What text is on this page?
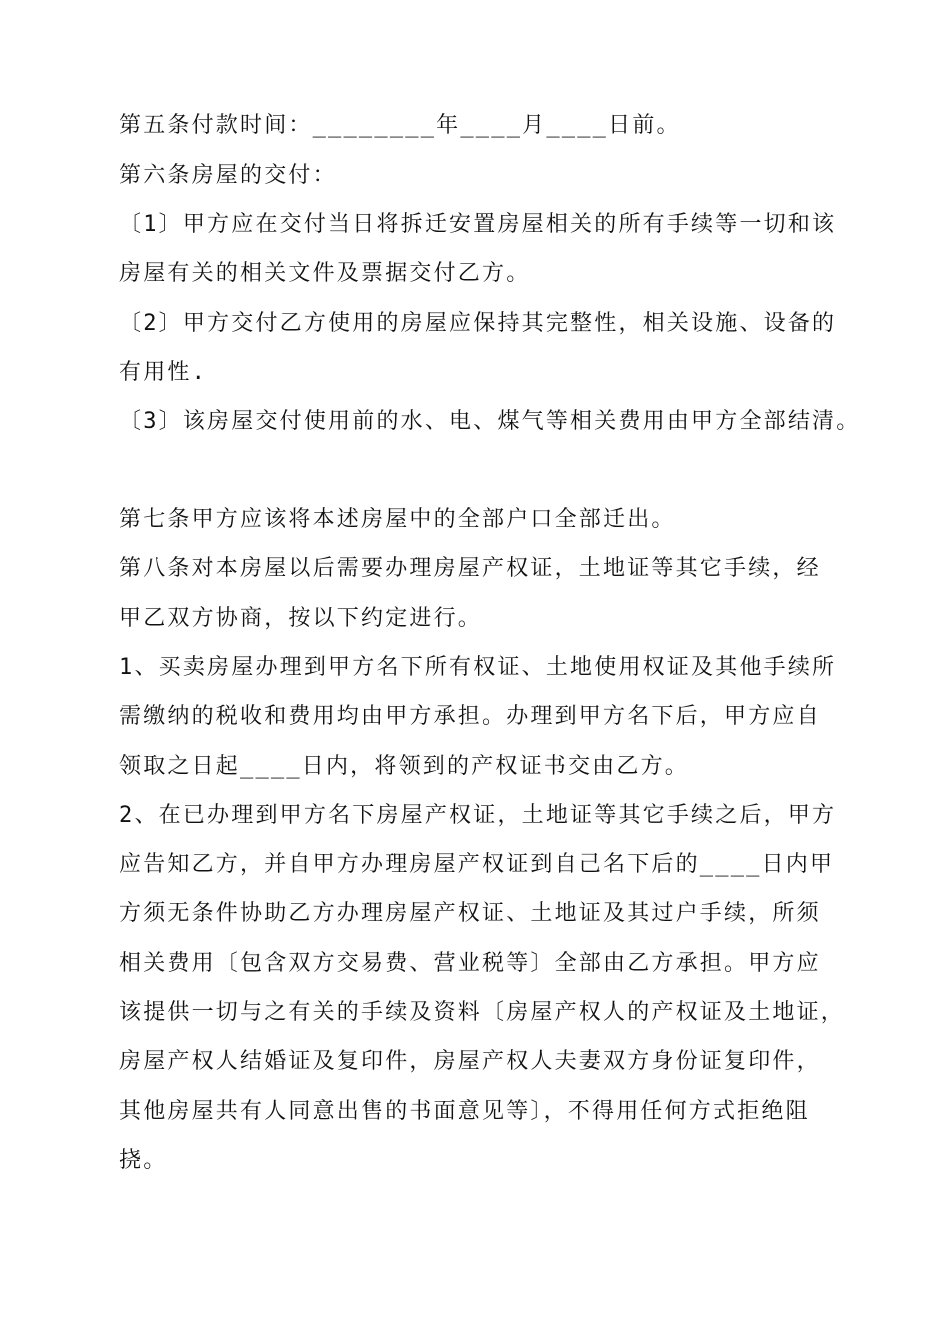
第五条付款时间：________年____月____日前。
第六条房屋的交付：
〔1〕甲方应在交付当日将拆迁安置房屋相关的所有手续等一切和该
房屋有关的相关文件及票据交付乙方。
〔2〕甲方交付乙方使用的房屋应保持其完整性，相关设施、设备的
有用性.
〔3〕该房屋交付使用前的水、电、煤气等相关费用由甲方全部结清。
第七条甲方应该将本述房屋中的全部户口全部迁出。
第八条对本房屋以后需要办理房屋产权证，土地证等其它手续，经
甲乙双方协商，按以下约定进行。
1、买卖房屋办理到甲方名下所有权证、土地使用权证及其他手续所
需缴纳的税收和费用均由甲方承担。办理到甲方名下后，甲方应自
领取之日起____日内，将领到的产权证书交由乙方。
2、在已办理到甲方名下房屋产权证，土地证等其它手续之后，甲方
应告知乙方，并自甲方办理房屋产权证到自己名下后的____日内甲
方须无条件协助乙方办理房屋产权证、土地证及其过户手续，所须
相关费用〔包含双方交易费、营业税等〕全部由乙方承担。甲方应
该提供一切与之有关的手续及资料〔房屋产权人的产权证及土地证，
房屋产权人结婚证及复印件，房屋产权人夫妻双方身份证复印件，
其他房屋共有人同意出售的书面意见等〕，不得用任何方式拒绝阻
挠。
